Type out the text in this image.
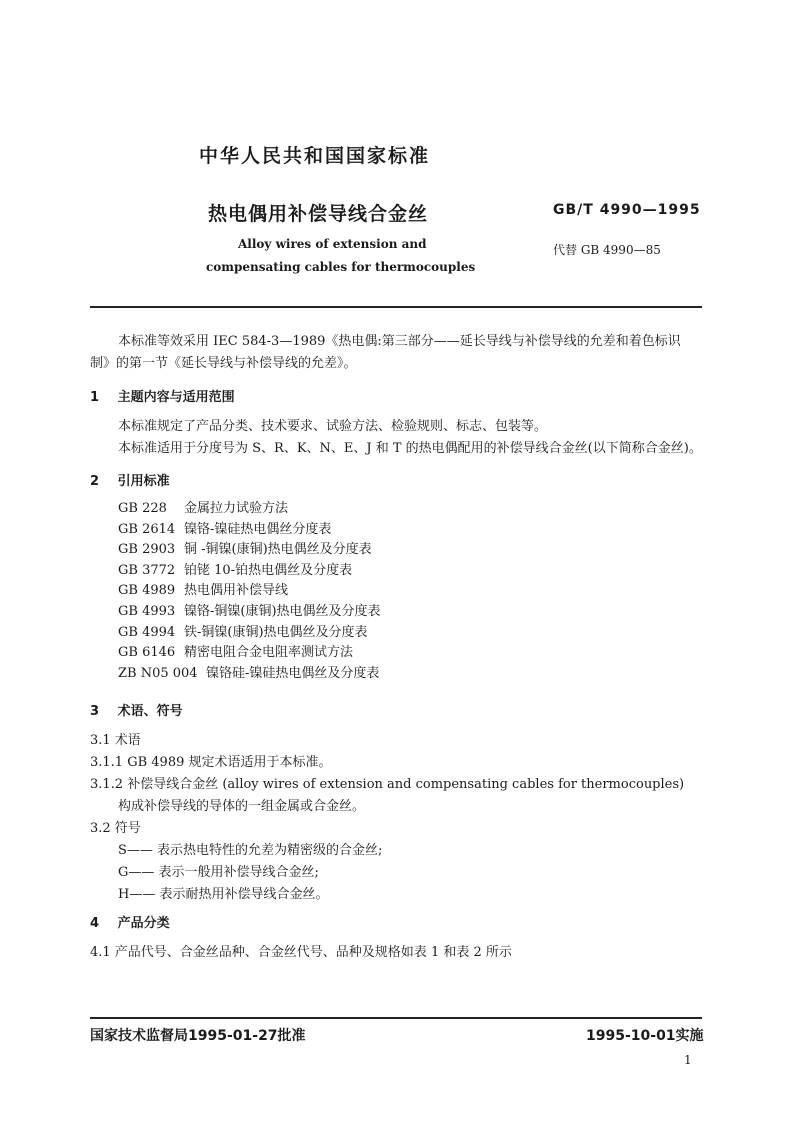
中华人民共和国国家标准
热电偶用补偿导线合金丝	GB/T 4990—1995
Alloy wires of extension and
compensating cables for thermocouples
代替 GB 4990—85
本标准等效采用 IEC 584-3—1989《热电偶:第三部分——延长导线与补偿导线的允差和着色标识
制》的第一节《延长导线与补偿导线的允差》。
1 主题内容与适用范围
本标准规定了产品分类、技术要求、试验方法、检验规则、标志、包装等。
本标准适用于分度号为 S、R、K、N、E、J 和 T 的热电偶配用的补偿导线合金丝(以下简称合金丝)。
2 引用标准
GB 228 金属拉力试验方法
GB 2614 镍铬-镍硅热电偶丝分度表
GB 2903 铜 -铜镍(康铜)热电偶丝及分度表
GB 3772 铂铑 10-铂热电偶丝及分度表
GB 4989 热电偶用补偿导线
GB 4993 镍铬-铜镍(康铜)热电偶丝及分度表
GB 4994 铁-铜镍(康铜)热电偶丝及分度表
GB 6146 精密电阻合金电阻率测试方法
ZB N05 004 镍铬硅-镍硅热电偶丝及分度表
3 术语、符号
3.1 术语
3.1.1 GB 4989 规定术语适用于本标准。
3.1.2 补偿导线合金丝 (alloy wires of extension and compensating cables for thermocouples)
构成补偿导线的导体的一组金属或合金丝。
3.2 符号
S—— 表示热电特性的允差为精密级的合金丝;
G—— 表示一般用补偿导线合金丝;
H—— 表示耐热用补偿导线合金丝。
4 产品分类
4.1 产品代号、合金丝品种、合金丝代号、品种及规格如表 1 和表 2 所示
国家技术监督局1995-01-27批准	1995-10-01实施
1
